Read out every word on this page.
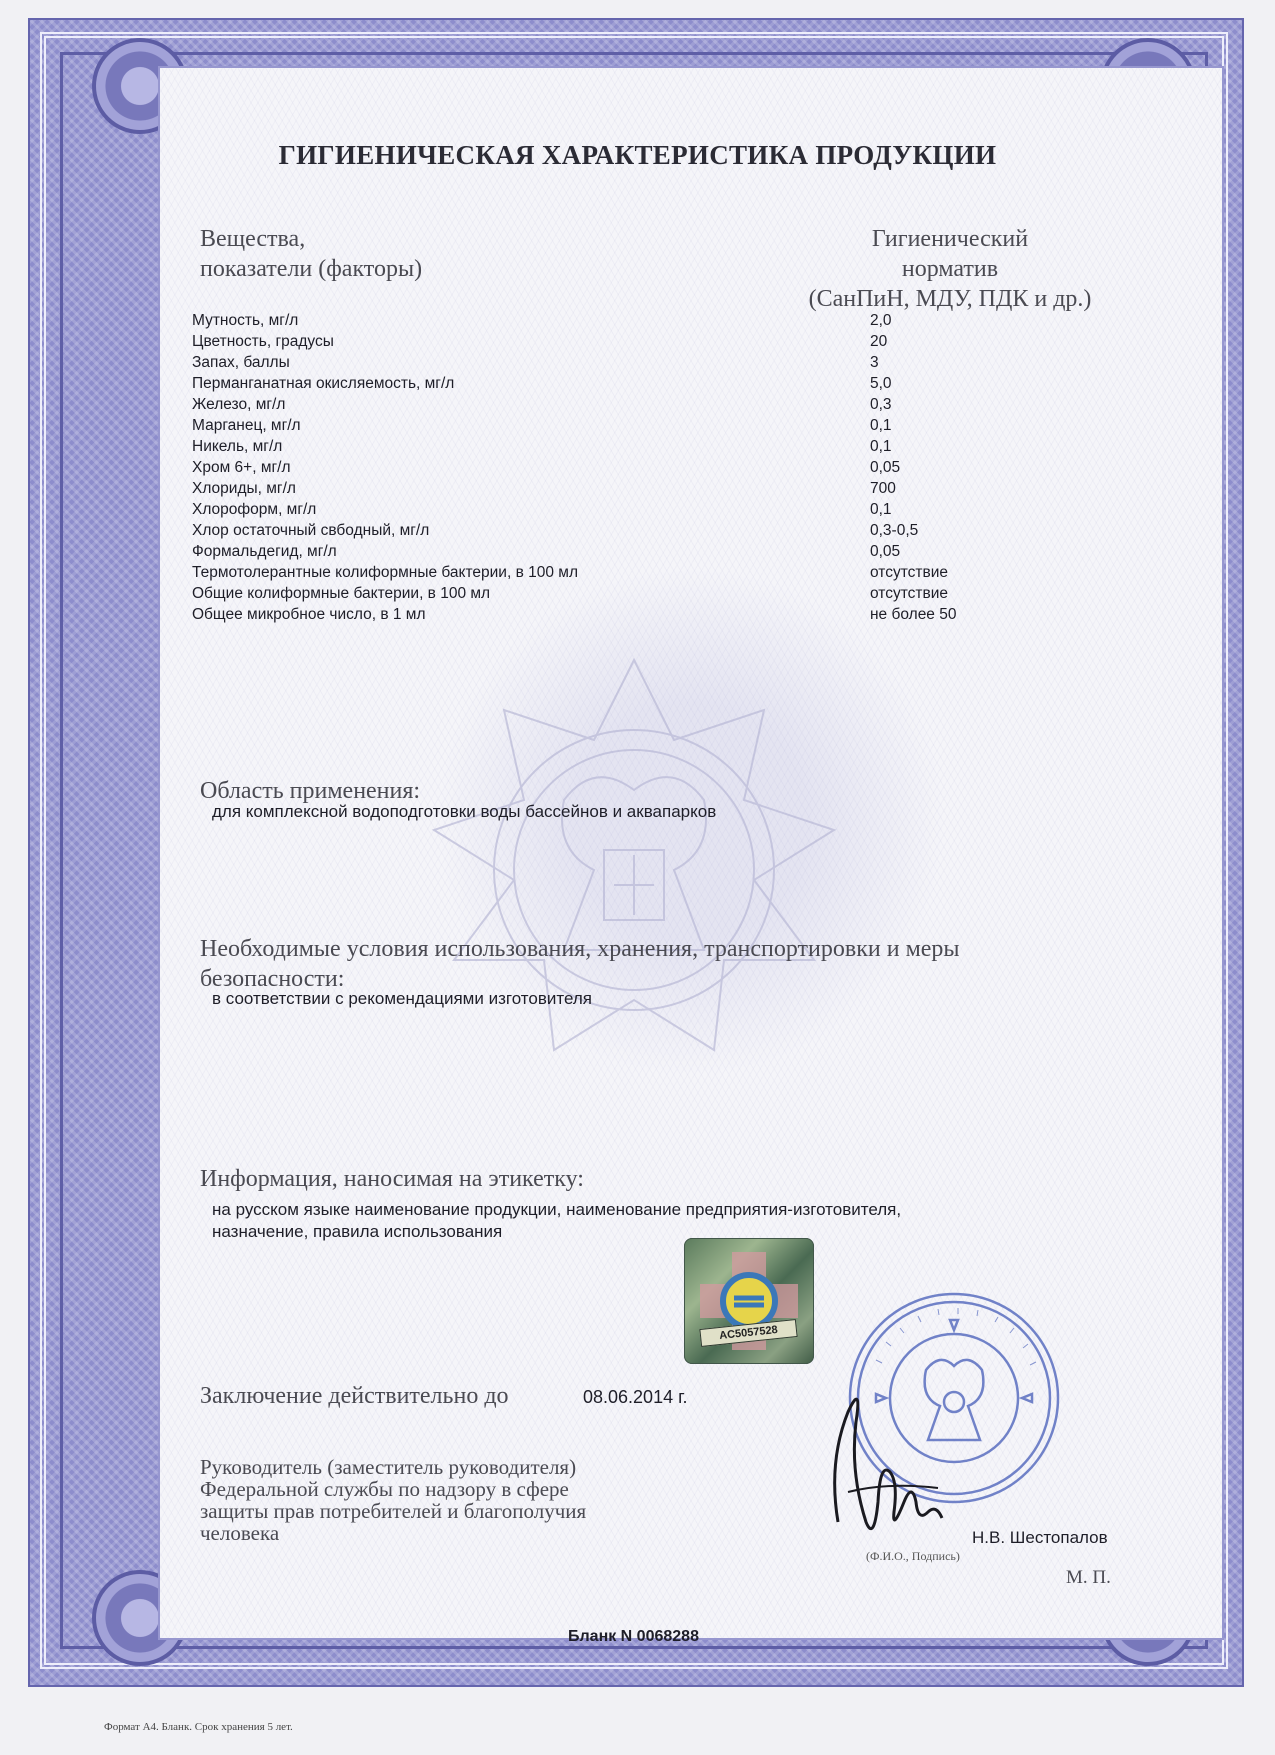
ГИГИЕНИЧЕСКАЯ ХАРАКТЕРИСТИКА ПРОДУКЦИИ
Вещества,
показатели (факторы)
Гигиенический
норматив
(СанПиН, МДУ, ПДК и др.)
Мутность, мг/л	2,0
Цветность, градусы	20
Запах, баллы	3
Перманганатная окисляемость, мг/л	5,0
Железо, мг/л	0,3
Марганец, мг/л	0,1
Никель, мг/л	0,1
Хром 6+, мг/л	0,05
Хлориды, мг/л	700
Хлороформ, мг/л	0,1
Хлор остаточный свбодный, мг/л	0,3-0,5
Формальдегид, мг/л	0,05
Термотолерантные колиформные бактерии, в 100 мл	отсутствие
Общие колиформные бактерии, в 100 мл	отсутствие
Общее микробное число, в 1 мл	не более 50
Область применения:
для комплексной водоподготовки воды бассейнов и аквапарков
Необходимые условия использования, хранения, транспортировки и меры
безопасности:
в соответствии с рекомендациями изготовителя
Информация, наносимая на этикетку:
на русском языке наименование продукции, наименование предприятия-изготовителя,
назначение, правила использования
AC5057528
Заключение действительно до	08.06.2014 г.
Руководитель (заместитель руководителя)
Федеральной службы по надзору в сфере
защиты прав потребителей и благополучия
человека	Н.В. Шестопалов
(Ф.И.О., Подпись)
М. П.
Бланк N 0068288
Формат А4. Бланк. Срок хранения 5 лет.
